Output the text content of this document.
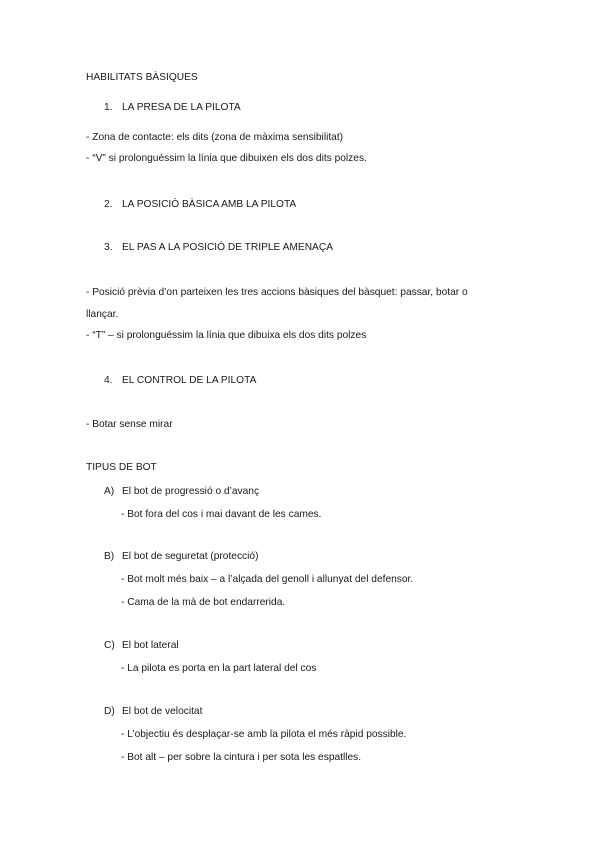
HABILITATS BÀSIQUES
1. LA PRESA DE LA PILOTA
- Zona de contacte: els dits (zona de màxima sensibilitat)
- “V” si prolonguéssim la línia que dibuixen els dos dits polzes.
2. LA POSICIÓ BÀSICA AMB LA PILOTA
3. EL PAS A LA POSICIÓ DE TRIPLE AMENAÇA
- Posició prèvia d’on parteixen les tres accions bàsiques del bàsquet: passar, botar o
llançar.
- “T” – si prolonguéssim la línia que dibuixa els dos dits polzes
4. EL CONTROL DE LA PILOTA
- Botar sense mirar
TIPUS DE BOT
A) El bot de progressió o d’avanç
- Bot fora del cos i mai davant de les cames.
B) El bot de seguretat (protecció)
- Bot molt més baix – a l’alçada del genoll i allunyat del defensor.
- Cama de la mà de bot endarrerida.
C) El bot lateral
- La pilota es porta en la part lateral del cos
D) El bot de velocitat
- L’objectiu és desplaçar-se amb la pilota el més ràpid possible.
- Bot alt – per sobre la cintura i per sota les espatlles.
